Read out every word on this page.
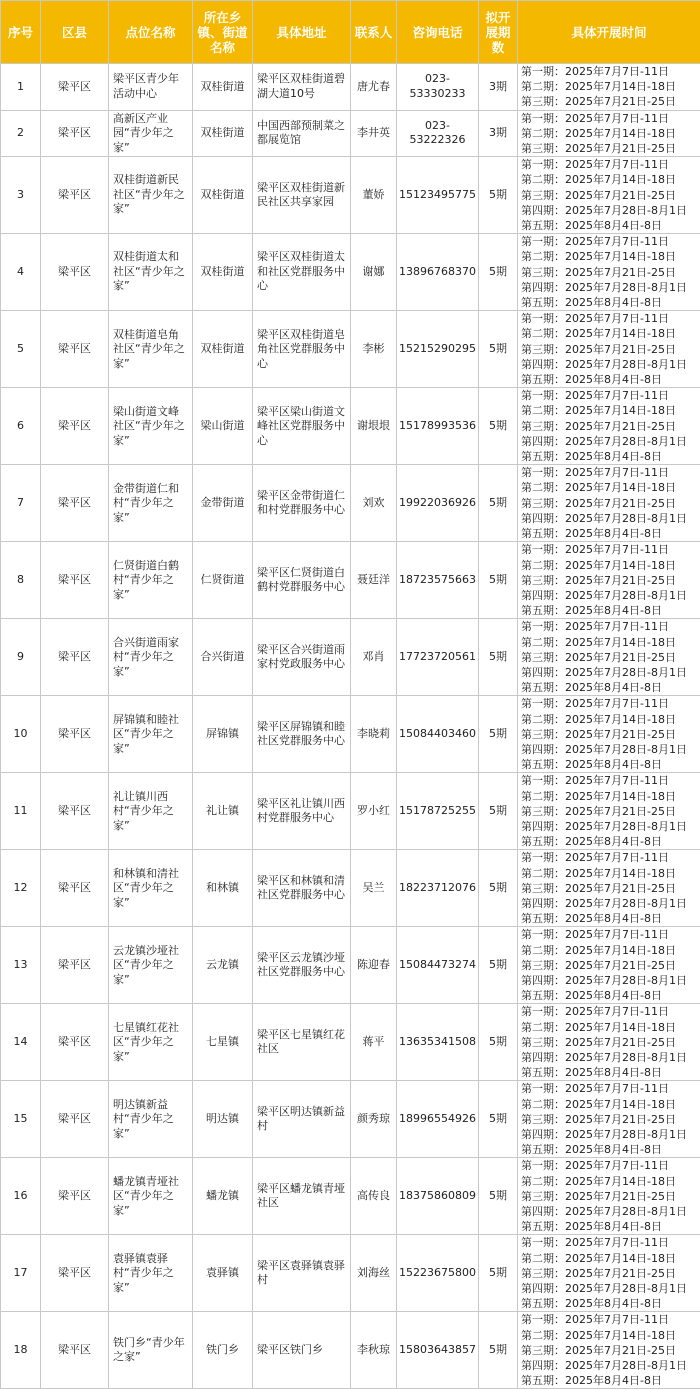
序号	区县	点位名称	所在乡镇、街道名称	具体地址	联系人	咨询电话	拟开展期数	具体开展时间
1	梁平区	梁平区青少年活动中心	双桂街道	梁平区双桂街道碧湖大道10号	唐尤春	023-53330233	3期	第一期：2025年7月7日-11日
第二期：2025年7月14日-18日
第三期：2025年7月21日-25日

2	梁平区	高新区产业园“青少年之家”	双桂街道	中国西部预制菜之都展览馆	李井英	023-53222326	3期	第一期：2025年7月7日-11日
第二期：2025年7月14日-18日
第三期：2025年7月21日-25日

3	梁平区	双桂街道新民社区“青少年之家”	双桂街道	梁平区双桂街道新民社区共享家园	董娇	15123495775	5期	第一期：2025年7月7日-11日
第二期：2025年7月14日-18日
第三期：2025年7月21日-25日
第四期：2025年7月28日-8月1日
第五期：2025年8月4日-8日

4	梁平区	双桂街道太和社区“青少年之家”	双桂街道	梁平区双桂街道太和社区党群服务中心	谢娜	13896768370	5期	第一期：2025年7月7日-11日
第二期：2025年7月14日-18日
第三期：2025年7月21日-25日
第四期：2025年7月28日-8月1日
第五期：2025年8月4日-8日

5	梁平区	双桂街道皂角社区“青少年之家”	双桂街道	梁平区双桂街道皂角社区党群服务中心	李彬	15215290295	5期	第一期：2025年7月7日-11日
第二期：2025年7月14日-18日
第三期：2025年7月21日-25日
第四期：2025年7月28日-8月1日
第五期：2025年8月4日-8日

6	梁平区	梁山街道文峰社区“青少年之家”	梁山街道	梁平区梁山街道文峰社区党群服务中心	谢垠垠	15178993536	5期	第一期：2025年7月7日-11日
第二期：2025年7月14日-18日
第三期：2025年7月21日-25日
第四期：2025年7月28日-8月1日
第五期：2025年8月4日-8日

7	梁平区	金带街道仁和村“青少年之家”	金带街道	梁平区金带街道仁和村党群服务中心	刘欢	19922036926	5期	第一期：2025年7月7日-11日
第二期：2025年7月14日-18日
第三期：2025年7月21日-25日
第四期：2025年7月28日-8月1日
第五期：2025年8月4日-8日

8	梁平区	仁贤街道白鹤村“青少年之家”	仁贤街道	梁平区仁贤街道白鹤村党群服务中心	聂廷洋	18723575663	5期	第一期：2025年7月7日-11日
第二期：2025年7月14日-18日
第三期：2025年7月21日-25日
第四期：2025年7月28日-8月1日
第五期：2025年8月4日-8日

9	梁平区	合兴街道雨家村“青少年之家”	合兴街道	梁平区合兴街道雨家村党政服务中心	邓肖	17723720561	5期	第一期：2025年7月7日-11日
第二期：2025年7月14日-18日
第三期：2025年7月21日-25日
第四期：2025年7月28日-8月1日
第五期：2025年8月4日-8日

10	梁平区	屏锦镇和睦社区“青少年之家”	屏锦镇	梁平区屏锦镇和睦社区党群服务中心	李晓莉	15084403460	5期	第一期：2025年7月7日-11日
第二期：2025年7月14日-18日
第三期：2025年7月21日-25日
第四期：2025年7月28日-8月1日
第五期：2025年8月4日-8日

11	梁平区	礼让镇川西村“青少年之家”	礼让镇	梁平区礼让镇川西村党群服务中心	罗小红	15178725255	5期	第一期：2025年7月7日-11日
第二期：2025年7月14日-18日
第三期：2025年7月21日-25日
第四期：2025年7月28日-8月1日
第五期：2025年8月4日-8日

12	梁平区	和林镇和清社区“青少年之家”	和林镇	梁平区和林镇和清社区党群服务中心	吴兰	18223712076	5期	第一期：2025年7月7日-11日
第二期：2025年7月14日-18日
第三期：2025年7月21日-25日
第四期：2025年7月28日-8月1日
第五期：2025年8月4日-8日

13	梁平区	云龙镇沙垭社区“青少年之家”	云龙镇	梁平区云龙镇沙垭社区党群服务中心	陈迎春	15084473274	5期	第一期：2025年7月7日-11日
第二期：2025年7月14日-18日
第三期：2025年7月21日-25日
第四期：2025年7月28日-8月1日
第五期：2025年8月4日-8日

14	梁平区	七星镇红花社区“青少年之家”	七星镇	梁平区七星镇红花社区	蒋平	13635341508	5期	第一期：2025年7月7日-11日
第二期：2025年7月14日-18日
第三期：2025年7月21日-25日
第四期：2025年7月28日-8月1日
第五期：2025年8月4日-8日

15	梁平区	明达镇新益村“青少年之家”	明达镇	梁平区明达镇新益村	颜秀琼	18996554926	5期	第一期：2025年7月7日-11日
第二期：2025年7月14日-18日
第三期：2025年7月21日-25日
第四期：2025年7月28日-8月1日
第五期：2025年8月4日-8日

16	梁平区	蟠龙镇青垭社区“青少年之家”	蟠龙镇	梁平区蟠龙镇青垭社区	高传良	18375860809	5期	第一期：2025年7月7日-11日
第二期：2025年7月14日-18日
第三期：2025年7月21日-25日
第四期：2025年7月28日-8月1日
第五期：2025年8月4日-8日

17	梁平区	袁驿镇袁驿村“青少年之家”	袁驿镇	梁平区袁驿镇袁驿村	刘海丝	15223675800	5期	第一期：2025年7月7日-11日
第二期：2025年7月14日-18日
第三期：2025年7月21日-25日
第四期：2025年7月28日-8月1日
第五期：2025年8月4日-8日

18	梁平区	铁门乡“青少年之家”	铁门乡	梁平区铁门乡	李秋琼	15803643857	5期	第一期：2025年7月7日-11日
第二期：2025年7月14日-18日
第三期：2025年7月21日-25日
第四期：2025年7月28日-8月1日
第五期：2025年8月4日-8日
